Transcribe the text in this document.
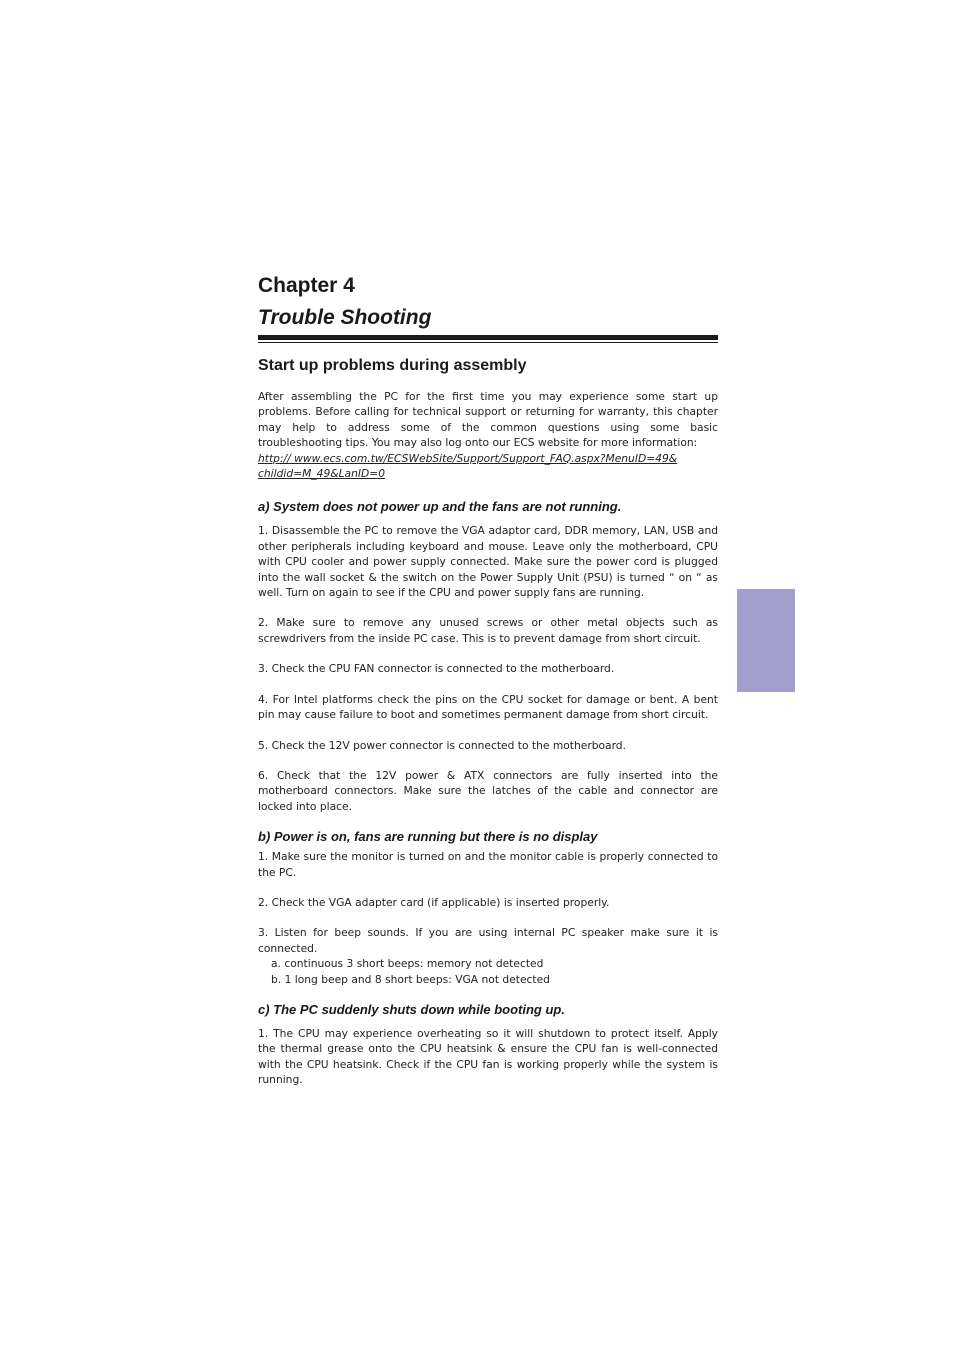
Chapter 4
Trouble Shooting
Start up problems during assembly

After assembling the PC for the first time you may experience some start up problems. Before calling for technical support or returning for warranty, this chapter may help to address some of the common questions using some basic troubleshooting tips. You may also log onto our ECS website for more information:
http:// www.ecs.com.tw/ECSWebSite/Support/Support_FAQ.aspx?MenuID=49&
childid=M_49&LanID=0

a) System does not power up and the fans are not running.

1. Disassemble the PC to remove the VGA adaptor card, DDR memory, LAN, USB and other peripherals including keyboard and mouse. Leave only the motherboard, CPU with CPU cooler and power supply connected. Make sure the power cord is plugged into the wall socket & the switch on the Power Supply Unit (PSU) is turned “ on “ as well. Turn on again to see if the CPU and power supply fans are running.

2. Make sure to remove any unused screws or other metal objects such as screwdrivers from the inside PC case. This is to prevent damage from short circuit.

3. Check the CPU FAN connector is connected to the motherboard.

4. For Intel platforms check the pins on the CPU socket for damage or bent. A bent pin may cause failure to boot and sometimes permanent damage from short circuit.

5. Check the 12V power connector is connected to the motherboard.

6. Check that the 12V power & ATX connectors are fully inserted into the motherboard connectors. Make sure the latches of the cable and connector are locked into place.

b) Power is on, fans are running but there is no display

1. Make sure the monitor is turned on and the monitor cable is properly connected to the PC.

2. Check the VGA adapter card (if applicable) is inserted properly.

3. Listen for beep sounds. If you are using internal PC speaker make sure it is connected.

a. continuous 3 short beeps: memory not detected

b. 1 long beep and 8 short beeps: VGA not detected

c) The PC suddenly shuts down while booting up.

1. The CPU may experience overheating so it will shutdown to protect itself. Apply the thermal grease onto the CPU heatsink & ensure the CPU fan is well-connected with the CPU heatsink. Check if the CPU fan is working properly while the system is running.
